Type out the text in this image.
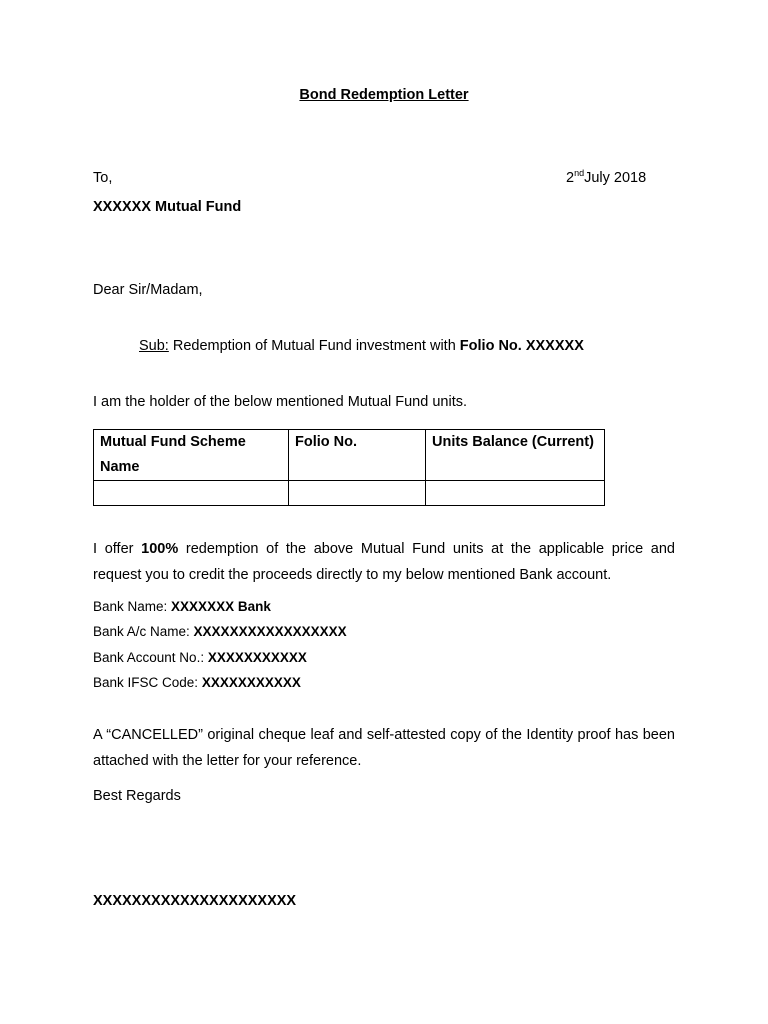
Bond Redemption Letter
To,	2ndJuly 2018
XXXXXX Mutual Fund
Dear Sir/Madam,
Sub: Redemption of Mutual Fund investment with Folio No. XXXXXX
I am the holder of the below mentioned Mutual Fund units.
Mutual Fund Scheme Name	Folio No.	Units Balance (Current)

I offer 100% redemption of the above Mutual Fund units at the applicable price and request you to credit the proceeds directly to my below mentioned Bank account.
Bank Name: XXXXXXX Bank
Bank A/c Name: XXXXXXXXXXXXXXXXX
Bank Account No.: XXXXXXXXXXX
Bank IFSC Code: XXXXXXXXXXX
A “CANCELLED” original cheque leaf and self-attested copy of the Identity proof has been attached with the letter for your reference.
Best Regards
XXXXXXXXXXXXXXXXXXXXX
